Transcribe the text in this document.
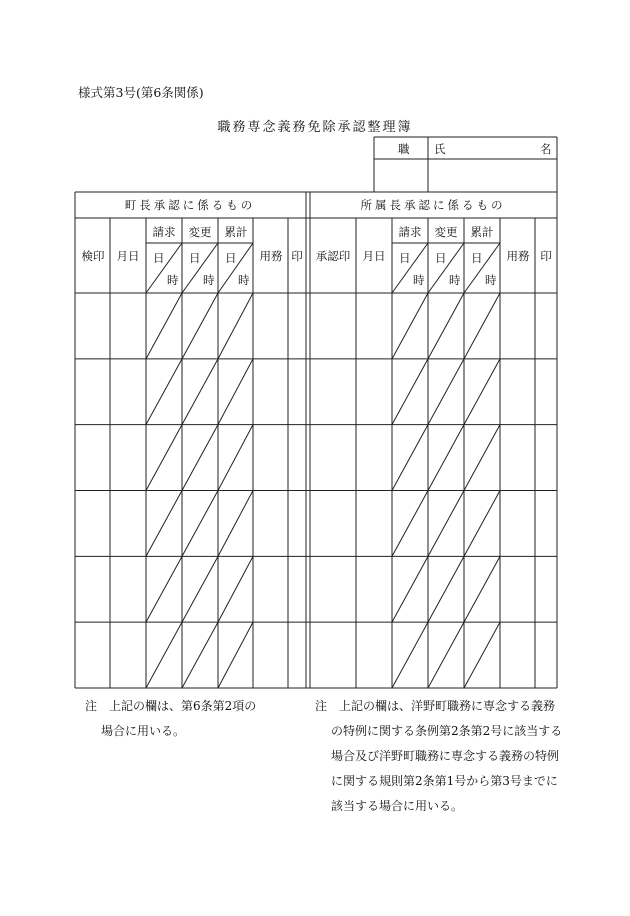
様式第3号(第6条関係)
職務専念義務免除承認整理簿
職 氏	名
町長承認に係るもの	所属長承認に係るもの
検印 月日
請求 変更 累計
用務 印
日
時
日
時
日
時
承認印 月日
請求 変更 累計
用務 印
日
時
日
時
日
時
注　上記の欄は、第6条第2項の
場合に用いる。
注　上記の欄は、洋野町職務に専念する義務
の特例に関する条例第2条第2号に該当する
場合及び洋野町職務に専念する義務の特例
に関する規則第2条第1号から第3号までに
該当する場合に用いる。
